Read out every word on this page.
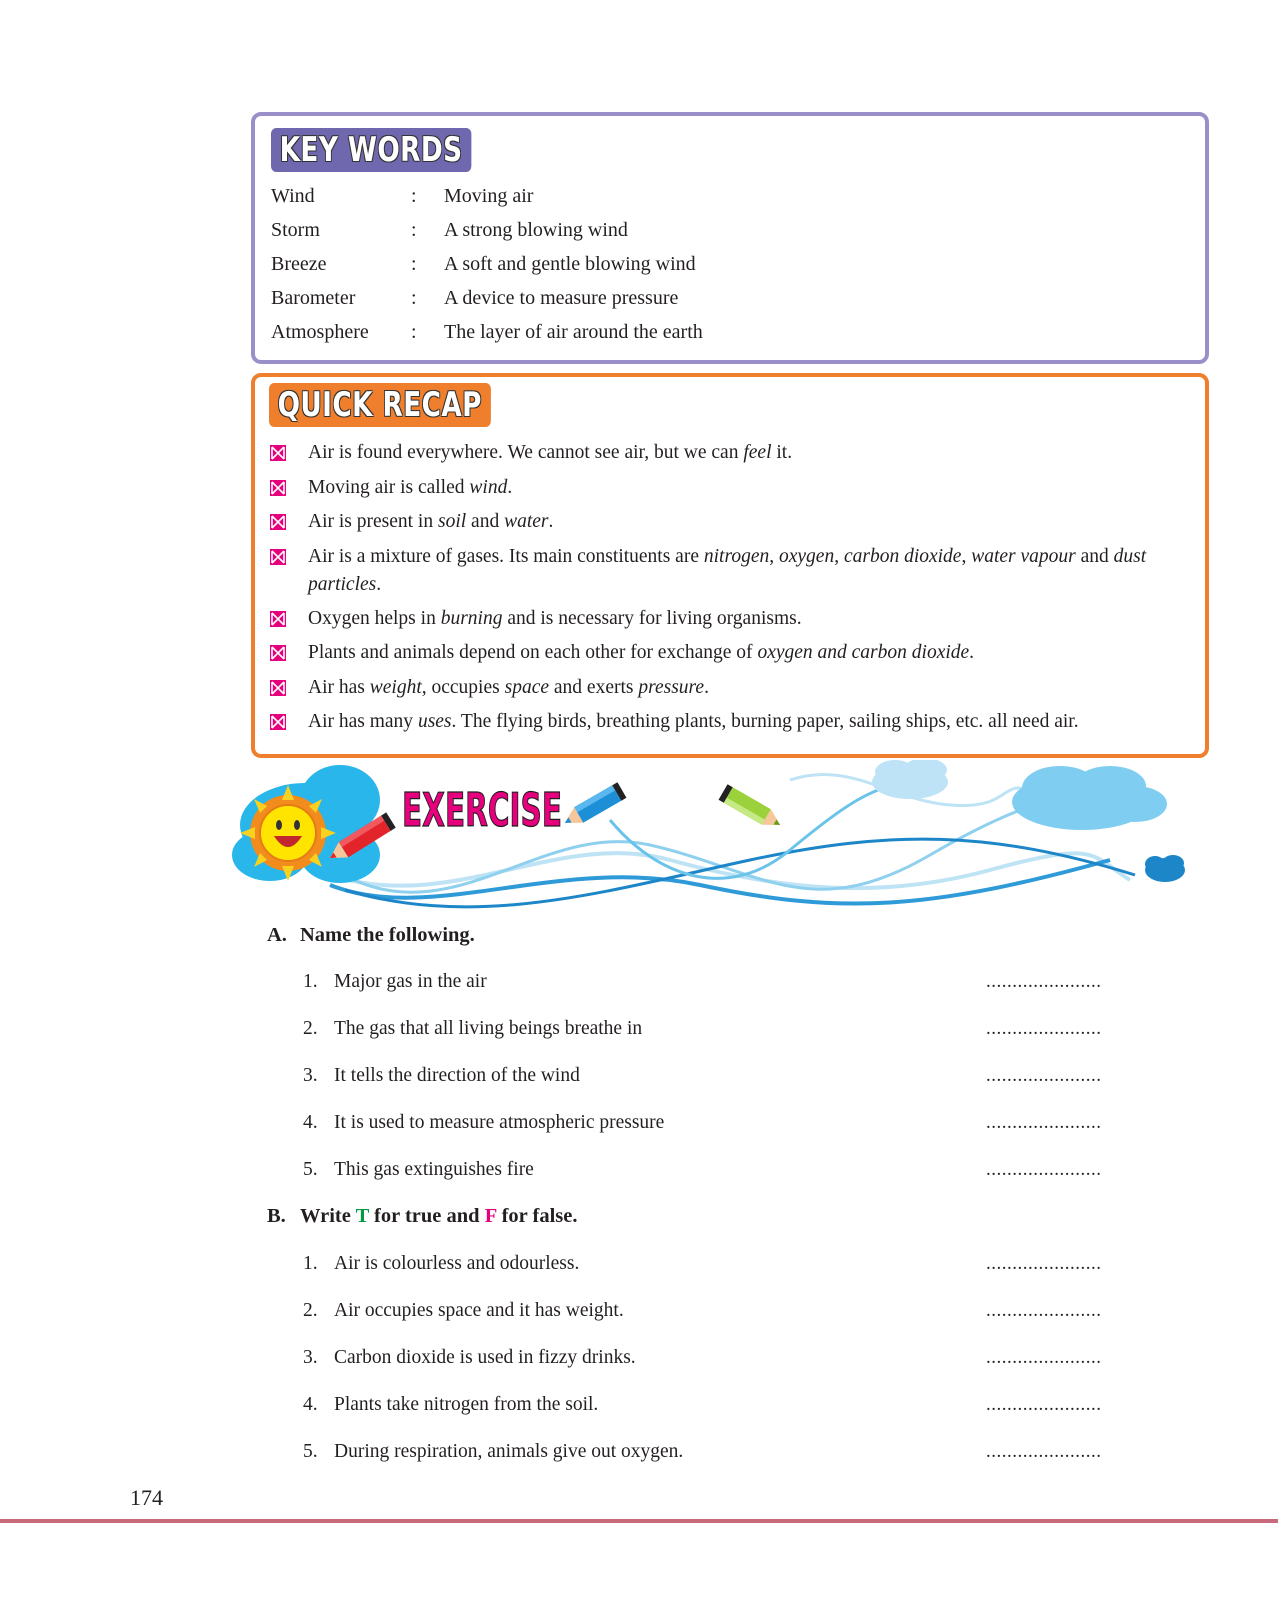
KEY WORDS
Wind	: Moving air
Storm	: A strong blowing wind
Breeze	: A soft and gentle blowing wind
Barometer	: A device to measure pressure
Atmosphere	: The layer of air around the earth
QUICK RECAP
Air is found everywhere. We cannot see air, but we can feel it.
Moving air is called wind.
Air is present in soil and water.
Air is a mixture of gases. Its main constituents are nitrogen, oxygen, carbon dioxide, water vapour and dust particles.
Oxygen helps in burning and is necessary for living organisms.
Plants and animals depend on each other for exchange of oxygen and carbon dioxide.
Air has weight, occupies space and exerts pressure.
Air has many uses. The flying birds, breathing plants, burning paper, sailing ships, etc. all need air.
EXERCISE
A. Name the following.
1. Major gas in the air	......................
2. The gas that all living beings breathe in	......................
3. It tells the direction of the wind	......................
4. It is used to measure atmospheric pressure	......................
5. This gas extinguishes fire	......................
B. Write T for true and F for false.
1. Air is colourless and odourless.	......................
2. Air occupies space and it has weight.	......................
3. Carbon dioxide is used in fizzy drinks.	......................
4. Plants take nitrogen from the soil.	......................
5. During respiration, animals give out oxygen.	......................
174
